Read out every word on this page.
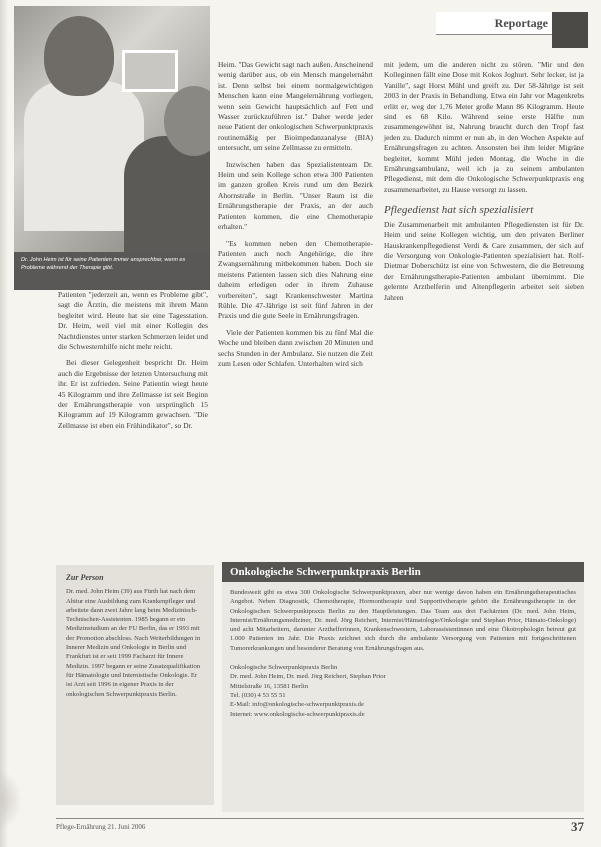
Dr. John Heim ist für seine Patienten immer ansprechbar, wenn es Probleme während der Therapie gibt.
Reportage

Patienten "jederzeit an, wenn es Probleme gibt", sagt die Ärztin, die meistens mit ihrem Mann begleitet wird. Heute hat sie eine Tagesstation. Dr. Heim, weil viel mit einer Kollegin des Nachtdienstes unter starken Schmerzen leidet und die Schwesternhilfe nicht mehr reicht.

Bei dieser Gelegenheit bespricht Dr. Heim auch die Ergebnisse der letzten Untersuchung mit ihr. Er ist zufrieden. Seine Patientin wiegt heute 45 Kilogramm und ihre Zellmasse ist seit Beginn der Ernährungstherapie von ursprünglich 15 Kilogramm auf 19 Kilogramm gewachsen. "Die Zellmasse ist eben ein Frühindikator", so Dr.

Heim. "Das Gewicht sagt nach außen. Anscheinend wenig darüber aus, ob ein Mensch mangelernährt ist. Denn selbst bei einem normalgewichtigen Menschen kann eine Mangelernährung vorliegen, wenn sein Gewicht hauptsächlich auf Fett und Wasser zurückzuführen ist." Daher werde jeder neue Patient der onkologischen Schwerpunktpraxis routinemäßig per Bioimpedanzanalyse (BIA) untersucht, um seine Zellmasse zu ermitteln.

Inzwischen haben das Spezialistenteam Dr. Heim und sein Kollege schon etwa 300 Patienten im ganzen großen Kreis rund um den Bezirk Ahornstraße in Berlin. "Unser Raum ist die Ernährungstherapie der Praxis, an der auch Patienten kommen, die eine Chemotherapie erhalten."

"Es kommen neben den Chemotherapie-Patienten auch noch Angehörige, die ihre Zwangsernährung mitbekommen haben. Doch sie meistens Patienten lassen sich dies Nahrung eine daheim erledigen oder in ihrem Zuhause vorbereiten", sagt Krankenschwester Martina Rühle. Die 47-Jährige ist seit fünf Jahren in der Praxis und die gute Seele in Ernährungsfragen.

Viele der Patienten kommen bis zu fünf Mal die Woche und bleiben dann zwischen 20 Minuten und sechs Stunden in der Ambulanz. Sie nutzen die Zeit zum Lesen oder Schlafen. Unterhalten wird sich

mit jedem, um die anderen nicht zu stören. "Mir und den Kolleginnen fällt eine Dose mit Kokos Joghurt. Sehr lecker, ist ja Vanille", sagt Horst Mühl und greift zu. Der 58-Jährige ist seit 2003 in der Praxis in Behandlung. Etwa ein Jahr vor Magenkrebs erlitt er, weg der 1,76 Meter große Mann 86 Kilogramm. Heute sind es 68 Kilo. Während seine erste Hälfte nun zusammengewöhnt ist, Nahrung braucht durch den Tropf fast jeden zu. Dadurch nimmt er nun ab, in den Wochen Aspekte auf Ernährungsfragen zu achten. Ansonsten bei ihm leider Migräne begleitet, kommt Mühl jeden Montag, die Woche in die Ernährungsambulanz, weil ich ja zu seinem ambulanten Pflegedienst, mit dem die Onkologische Schwerpunktpraxis eng zusammenarbeitet, zu Hause versorgt zu lassen.

Pflegedienst hat sich spezialisiert

Die Zusammenarbeit mit ambulanten Pflegediensten ist für Dr. Heim und seine Kollegen wichtig, um den privaten Berliner Hauskrankenpflegedienst Verdi & Care zusammen, der sich auf die Versorgung von Onkologie-Patienten spezialisiert hat. Rolf-Dietmar Doberschütz ist eine von Schwestern, die die Betreuung der Ernährungstherapie-Patienten ambulant übernimmt. Die gelernte Arzthelferin und Altenpflegerin arbeitet seit sieben Jahren

Zur Person
Dr. med. John Heim (39) aus Fürth hat nach dem Abitur eine Ausbildung zum Krankenpfleger und arbeitete dann zwei Jahre lang beim Medizinisch-Technischen-Assistenten. 1985 begann er ein Medizinstudium an der FU Berlin, das er 1993 mit der Promotion abschloss. Nach Weiterbildungen in Innerer Medizin und Onkologie in Berlin und Frankfurt ist er seit 1999 Facharzt für Innere Medizin. 1997 begann er seine Zusatzqualifikation für Hämatologie und Internistische Onkologie. Er ist Arzt seit 1996 in eigener Praxis in der onkologischen Schwerpunktpraxis Berlin.
Onkologische Schwerpunktpraxis Berlin
Bundesweit gibt es etwa 300 Onkologische Schwerpunktpraxen, aber nur wenige davon haben ein Ernährungstherapeutisches Angebot. Neben Diagnostik, Chemotherapie, Hormontherapie und Supportivtherapie gehört die Ernährungstherapie in der Onkologischen Schwerpunktpraxis Berlin zu den Hauptleistungen. Das Team aus drei Fachärzten (Dr. med. John Heim, Internist/Ernährungsmediziner, Dr. med. Jörg Reichert, Internist/Hämatologie/Onkologie und Stephan Prior, Hämato-Onkologe) und acht Mitarbeitern, darunter Arzthelferinnen, Krankenschwestern, Laborassistentinnen und eine Ökotrophologin betreut gut 1.000 Patienten im Jahr. Die Praxis zeichnet sich durch die ambulante Versorgung von Patienten mit fortgeschrittenen Tumorerkrankungen und besonderer Beratung von Ernährungsfragen aus.
Onkologische Schwerpunktpraxis Berlin
Dr. med. John Heim, Dr. med. Jörg Reichert, Stephan Prior
Mittelstraße 16, 13581 Berlin
Tel. (030) 4 53 55 51
E-Mail: info@onkologische-schwerpunktpraxis.de
Internet: www.onkologische-schwerpunktpraxis.de
Pflege-Ernährung 21. Juni 2006	37
